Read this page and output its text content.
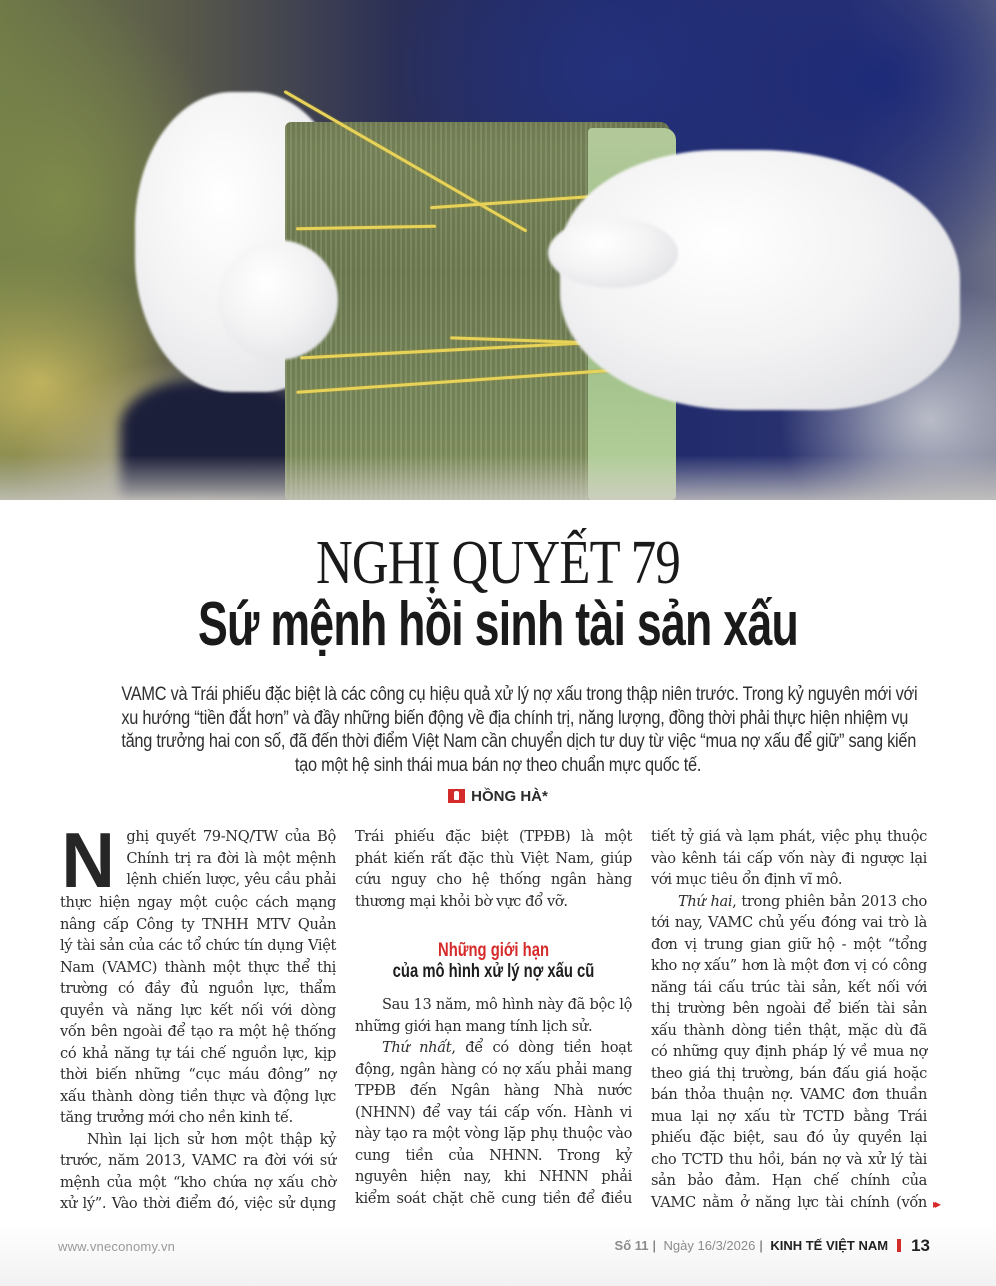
NGHỊ QUYẾT 79
Sứ mệnh hồi sinh tài sản xấu
VAMC và Trái phiếu đặc biệt là các công cụ hiệu quả xử lý nợ xấu trong thập niên trước. Trong kỷ nguyên mới với
xu hướng “tiền đắt hơn” và đầy những biến động về địa chính trị, năng lượng, đồng thời phải thực hiện nhiệm vụ
tăng trưởng hai con số, đã đến thời điểm Việt Nam cần chuyển dịch tư duy từ việc “mua nợ xấu để giữ” sang kiến
tạo một hệ sinh thái mua bán nợ theo chuẩn mực quốc tế.
HỒNG HÀ*
N ghị quyết 79-NQ/TW của Bộ
Chính trị ra đời là một mệnh
lệnh chiến lược, yêu cầu phải

thực hiện ngay một cuộc cách mạng
nâng cấp Công ty TNHH MTV Quản
lý tài sản của các tổ chức tín dụng Việt
Nam (VAMC) thành một thực thể thị
trường có đầy đủ nguồn lực, thẩm
quyền và năng lực kết nối với dòng
vốn bên ngoài để tạo ra một hệ thống
có khả năng tự tái chế nguồn lực, kịp
thời biến những “cục máu đông” nợ
xấu thành dòng tiền thực và động lực
tăng trưởng mới cho nền kinh tế.

Nhìn lại lịch sử hơn một thập kỷ
trước, năm 2013, VAMC ra đời với sứ
mệnh của một “kho chứa nợ xấu chờ
xử lý”. Vào thời điểm đó, việc sử dụng

Trái phiếu đặc biệt (TPĐB) là một
phát kiến rất đặc thù Việt Nam, giúp
cứu nguy cho hệ thống ngân hàng
thương mại khỏi bờ vực đổ vỡ.

Những giới hạn
của mô hình xử lý nợ xấu cũ

Sau 13 năm, mô hình này đã bộc lộ
những giới hạn mang tính lịch sử.

Thứ nhất, để có dòng tiền hoạt
động, ngân hàng có nợ xấu phải mang
TPĐB đến Ngân hàng Nhà nước
(NHNN) để vay tái cấp vốn. Hành vi
này tạo ra một vòng lặp phụ thuộc vào
cung tiền của NHNN. Trong kỷ
nguyên hiện nay, khi NHNN phải
kiểm soát chặt chẽ cung tiền để điều

tiết tỷ giá và lạm phát, việc phụ thuộc
vào kênh tái cấp vốn này đi ngược lại
với mục tiêu ổn định vĩ mô.

Thứ hai, trong phiên bản 2013 cho
tới nay, VAMC chủ yếu đóng vai trò là
đơn vị trung gian giữ hộ - một “tổng
kho nợ xấu” hơn là một đơn vị có công
năng tái cấu trúc tài sản, kết nối với
thị trường bên ngoài để biến tài sản
xấu thành dòng tiền thật, mặc dù đã
có những quy định pháp lý về mua nợ
theo giá thị trường, bán đấu giá hoặc
bán thỏa thuận nợ. VAMC đơn thuần
mua lại nợ xấu từ TCTD bằng Trái
phiếu đặc biệt, sau đó ủy quyền lại
cho TCTD thu hồi, bán nợ và xử lý tài
sản bảo đảm. Hạn chế chính của
VAMC nằm ở năng lực tài chính (vốn ▸▸
www.vneconomy.vn	Số 11 | Ngày 16/3/2026 | KINH TẾ VIỆT NAM 13
